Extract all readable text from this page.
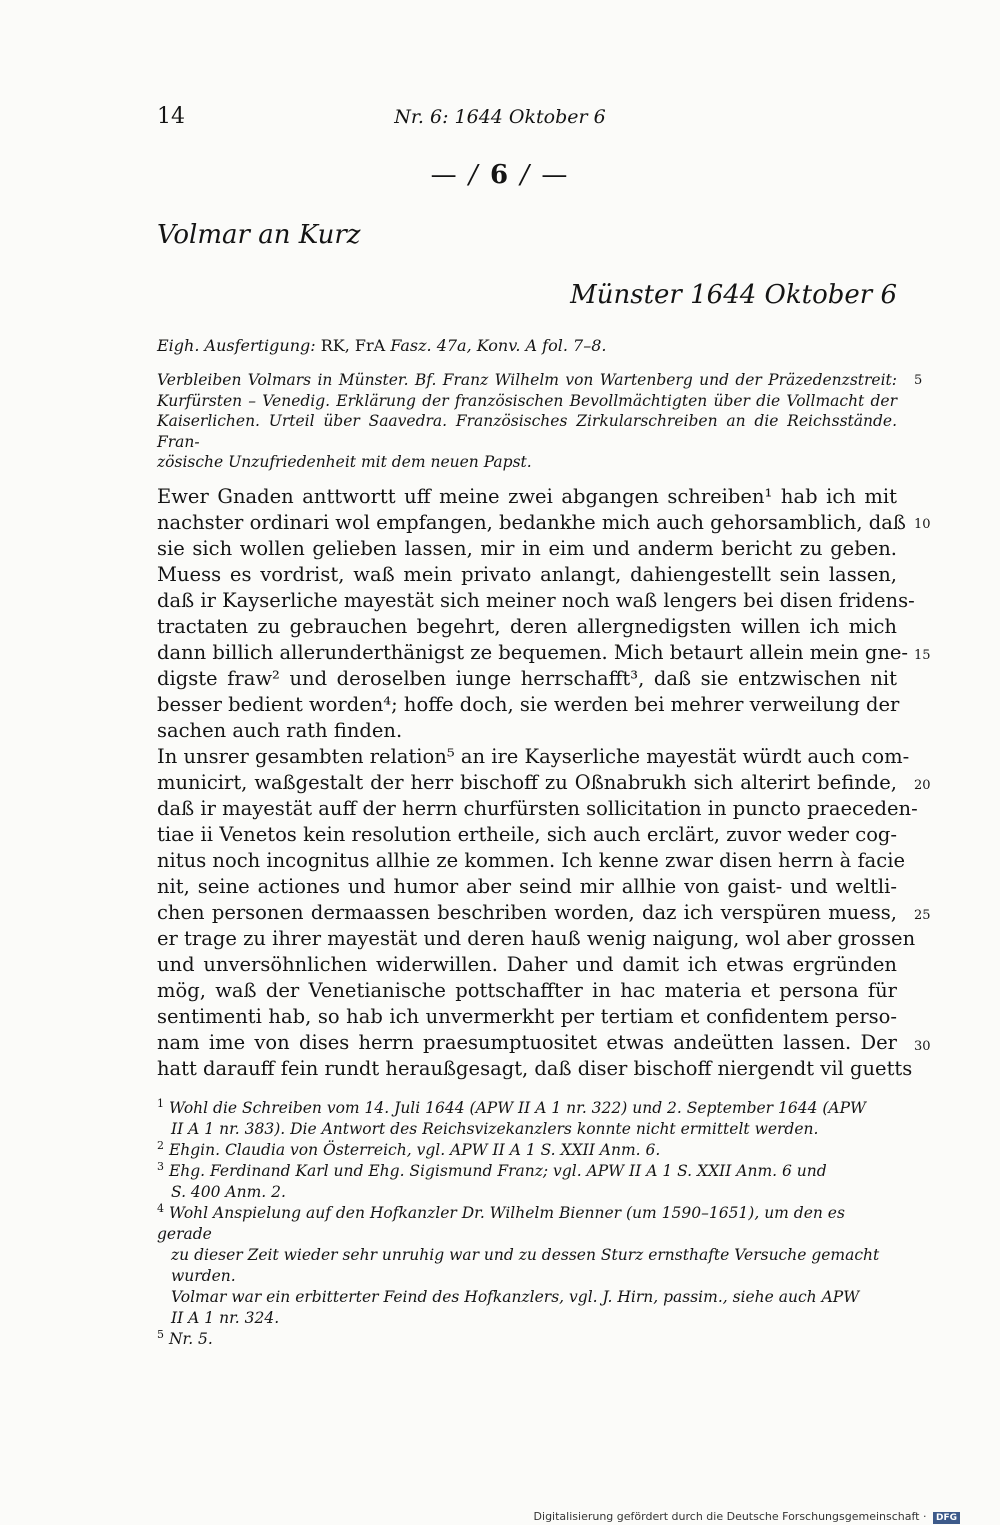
14	Nr. 6: 1644 Oktober 6
— / 6 / —
Volmar an Kurz
Münster 1644 Oktober 6
Eigh. Ausfertigung: RK, FrA Fasz. 47a, Konv. A fol. 7–8.
Verbleiben Volmars in Münster. Bf. Franz Wilhelm von Wartenberg und der Präzedenzstreit:
Kurfürsten – Venedig. Erklärung der französischen Bevollmächtigten über die Vollmacht der
Kaiserlichen. Urteil über Saavedra. Französisches Zirkularschreiben an die Reichsstände. Fran-
zösische Unzufriedenheit mit dem neuen Papst.
Ewer Gnaden anttwortt uff meine zwei abgangen schreiben¹ hab ich mit
nachster ordinari wol empfangen, bedankhe mich auch gehorsamblich, daß
sie sich wollen gelieben lassen, mir in eim und anderm bericht zu geben.
Muess es vordrist, waß mein privato anlangt, dahiengestellt sein lassen,
daß ir Kayserliche mayestät sich meiner noch waß lengers bei disen fridens-
tractaten zu gebrauchen begehrt, deren allergnedigsten willen ich mich
dann billich allerunderthänigst ze bequemen. Mich betaurt allein mein gne-
digste fraw² und deroselben iunge herrschafft³, daß sie entzwischen nit
besser bedient worden⁴; hoffe doch, sie werden bei mehrer verweilung der
sachen auch rath finden.
In unsrer gesambten relation⁵ an ire Kayserliche mayestät würdt auch com-
municirt, waßgestalt der herr bischoff zu Oßnabrukh sich alterirt befinde,
daß ir mayestät auff der herrn churfürsten sollicitation in puncto praeceden-
tiae ii Venetos kein resolution ertheile, sich auch erclärt, zuvor weder cog-
nitus noch incognitus allhie ze kommen. Ich kenne zwar disen herrn à facie
nit, seine actiones und humor aber seind mir allhie von gaist- und weltli-
chen personen dermaassen beschriben worden, daz ich verspüren muess,
er trage zu ihrer mayestät und deren hauß wenig naigung, wol aber grossen
und unversöhnlichen widerwillen. Daher und damit ich etwas ergründen
mög, waß der Venetianische pottschaffter in hac materia et persona für
sentimenti hab, so hab ich unvermerkht per tertiam et confidentem perso-
nam ime von dises herrn praesumptuositet etwas andeütten lassen. Der
hatt darauff fein rundt heraußgesagt, daß diser bischoff niergendt vil guetts
5
10
15
20
25
30
$^1$ Wohl die Schreiben vom 14. Juli 1644 (APW II A 1 nr. 322) und 2. September 1644 (APW
II A 1 nr. 383). Die Antwort des Reichsvizekanzlers konnte nicht ermittelt werden.
$^2$ Ehgin. Claudia von Österreich, vgl. APW II A 1 S. XXII Anm. 6.
$^3$ Ehg. Ferdinand Karl und Ehg. Sigismund Franz; vgl. APW II A 1 S. XXII Anm. 6 und
S. 400 Anm. 2.
$^4$ Wohl Anspielung auf den Hofkanzler Dr. Wilhelm Bienner (um 1590–1651), um den es gerade
zu dieser Zeit wieder sehr unruhig war und zu dessen Sturz ernsthafte Versuche gemacht wurden.
Volmar war ein erbitterter Feind des Hofkanzlers, vgl. J. Hirn, passim., siehe auch APW
II A 1 nr. 324.
$^5$ Nr. 5.
Digitalisierung gefördert durch die Deutsche Forschungsgemeinschaft · DFG
